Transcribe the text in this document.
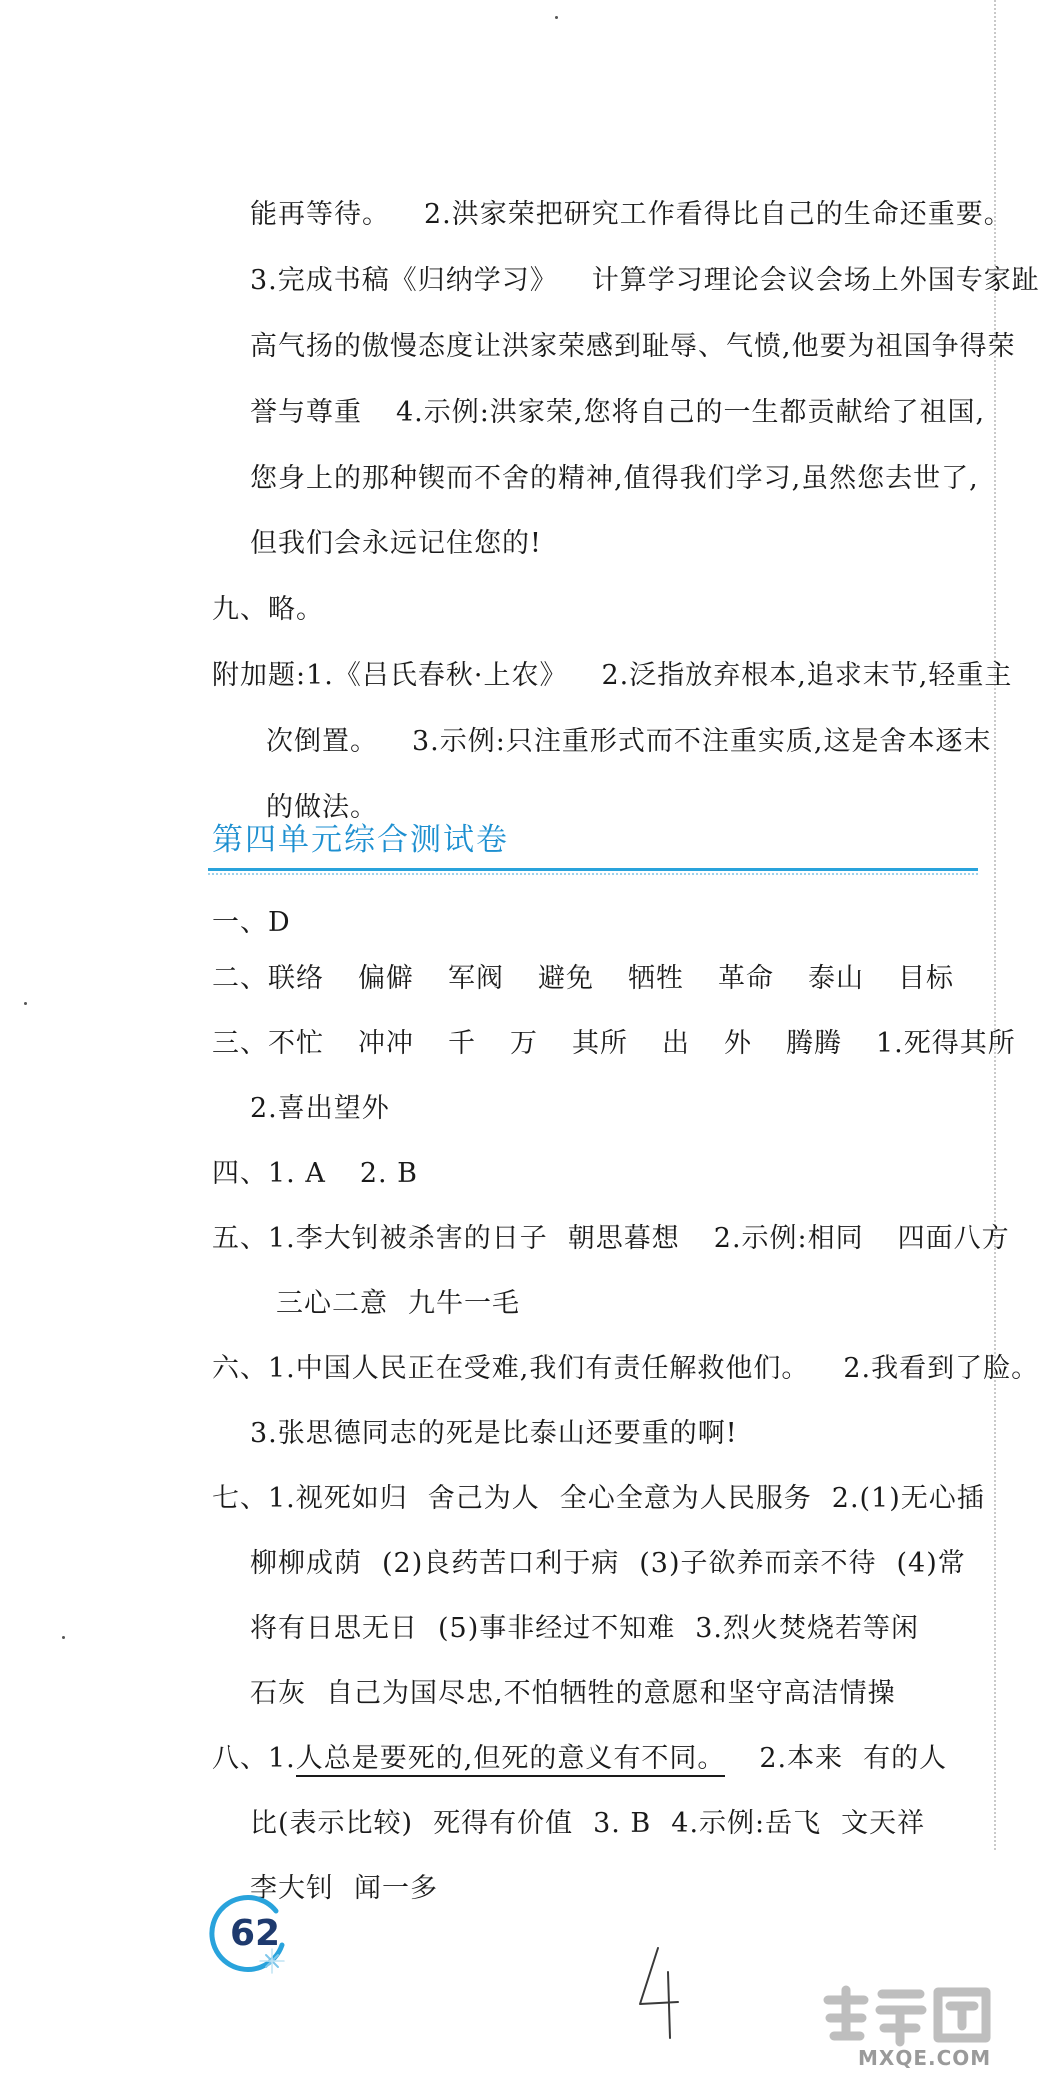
能再等待。 2.洪家荣把研究工作看得比自己的生命还重要。
3.完成书稿《归纳学习》 计算学习理论会议会场上外国专家趾
高气扬的傲慢态度让洪家荣感到耻辱、气愤,他要为祖国争得荣
誉与尊重 4.示例:洪家荣,您将自己的一生都贡献给了祖国,
您身上的那种锲而不舍的精神,值得我们学习,虽然您去世了,
但我们会永远记住您的!
九、略。
附加题:1.《吕氏春秋·上农》 2.泛指放弃根本,追求末节,轻重主
次倒置。 3.示例:只注重形式而不注重实质,这是舍本逐末
的做法。
第四单元综合测试卷
一、D
二、联络 偏僻 军阀 避免 牺牲 革命 泰山 目标
三、不忙 冲冲 千 万 其所 出 外 腾腾 1.死得其所
2.喜出望外
四、1. A 2. B
五、1.李大钊被杀害的日子 朝思暮想 2.示例:相同 四面八方
三心二意 九牛一毛
六、1.中国人民正在受难,我们有责任解救他们。 2.我看到了脸。
3.张思德同志的死是比泰山还要重的啊!
七、1.视死如归 舍己为人 全心全意为人民服务 2.(1)无心插
柳柳成荫 (2)良药苦口利于病 (3)子欲养而亲不待 (4)常
将有日思无日 (5)事非经过不知难 3.烈火焚烧若等闲
石灰 自己为国尽忠,不怕牺牲的意愿和坚守高洁情操
八、1.人总是要死的,但死的意义有不同。 2.本来 有的人
比(表示比较) 死得有价值 3. B 4.示例:岳飞 文天祥
李大钊 闻一多
62
MXQE.COM
